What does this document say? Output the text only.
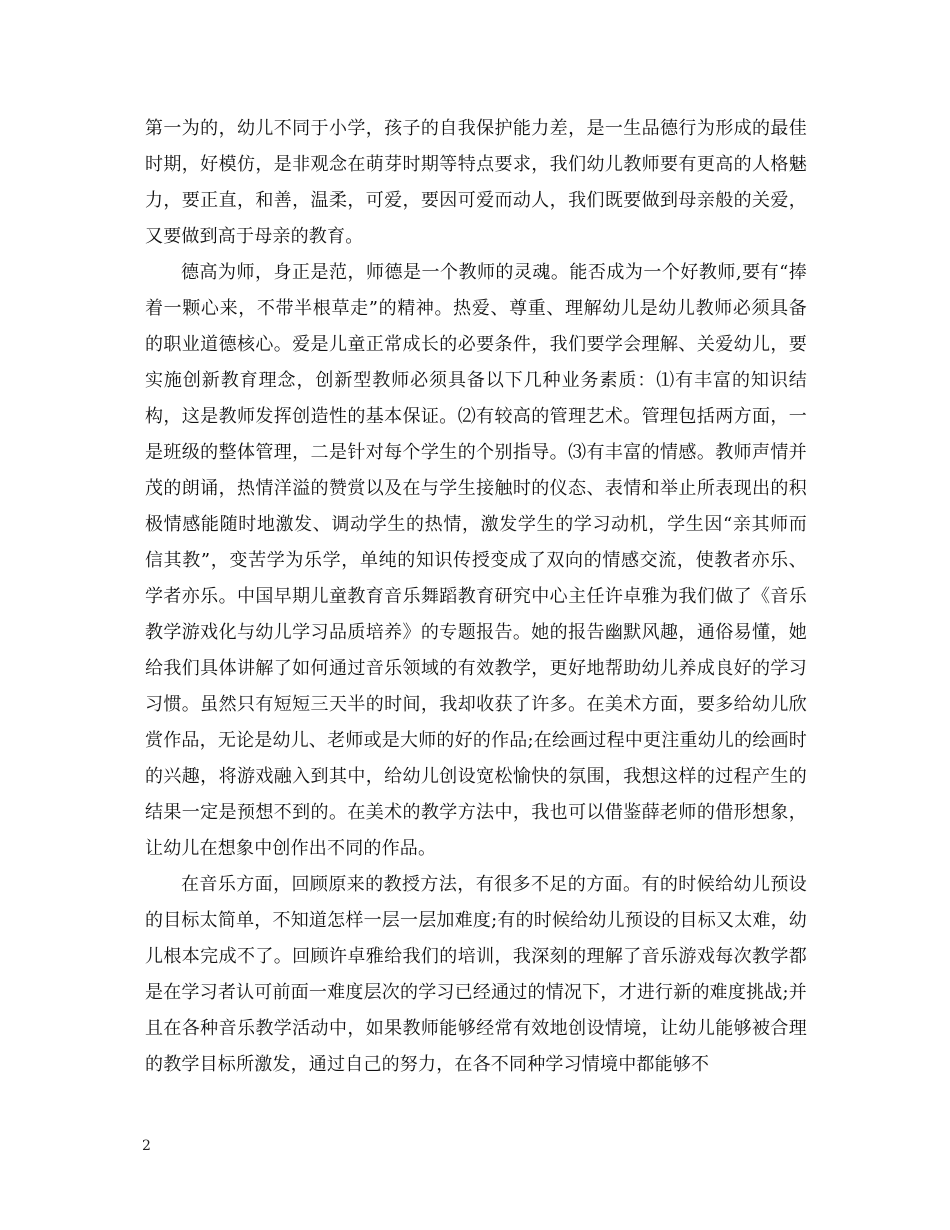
第一为的，幼儿不同于小学，孩子的自我保护能力差，是一生品德行为形成的最佳时期，好模仿，是非观念在萌芽时期等特点要求，我们幼儿教师要有更高的人格魅力，要正直，和善，温柔，可爱，要因可爱而动人，我们既要做到母亲般的关爱，又要做到高于母亲的教育。

德高为师，身正是范，师德是一个教师的灵魂。能否成为一个好教师,要有“捧着一颗心来，不带半根草走”的精神。热爱、尊重、理解幼儿是幼儿教师必须具备的职业道德核心。爱是儿童正常成长的必要条件，我们要学会理解、关爱幼儿，要实施创新教育理念，创新型教师必须具备以下几种业务素质：⑴有丰富的知识结构，这是教师发挥创造性的基本保证。⑵有较高的管理艺术。管理包括两方面，一是班级的整体管理，二是针对每个学生的个别指导。⑶有丰富的情感。教师声情并茂的朗诵，热情洋溢的赞赏以及在与学生接触时的仪态、表情和举止所表现出的积极情感能随时地激发、调动学生的热情，激发学生的学习动机，学生因“亲其师而信其教”，变苦学为乐学，单纯的知识传授变成了双向的情感交流，使教者亦乐、学者亦乐。中国早期儿童教育音乐舞蹈教育研究中心主任许卓雅为我们做了《音乐教学游戏化与幼儿学习品质培养》的专题报告。她的报告幽默风趣，通俗易懂，她给我们具体讲解了如何通过音乐领域的有效教学，更好地帮助幼儿养成良好的学习习惯。虽然只有短短三天半的时间，我却收获了许多。在美术方面，要多给幼儿欣赏作品，无论是幼儿、老师或是大师的好的作品;在绘画过程中更注重幼儿的绘画时的兴趣，将游戏融入到其中，给幼儿创设宽松愉快的氛围，我想这样的过程产生的结果一定是预想不到的。在美术的教学方法中，我也可以借鉴薛老师的借形想象，让幼儿在想象中创作出不同的作品。

在音乐方面，回顾原来的教授方法，有很多不足的方面。有的时候给幼儿预设的目标太简单，不知道怎样一层一层加难度;有的时候给幼儿预设的目标又太难，幼儿根本完成不了。回顾许卓雅给我们的培训，我深刻的理解了音乐游戏每次教学都是在学习者认可前面一难度层次的学习已经通过的情况下，才进行新的难度挑战;并且在各种音乐教学活动中，如果教师能够经常有效地创设情境，让幼儿能够被合理的教学目标所激发，通过自己的努力，在各不同种学习情境中都能够不

2
